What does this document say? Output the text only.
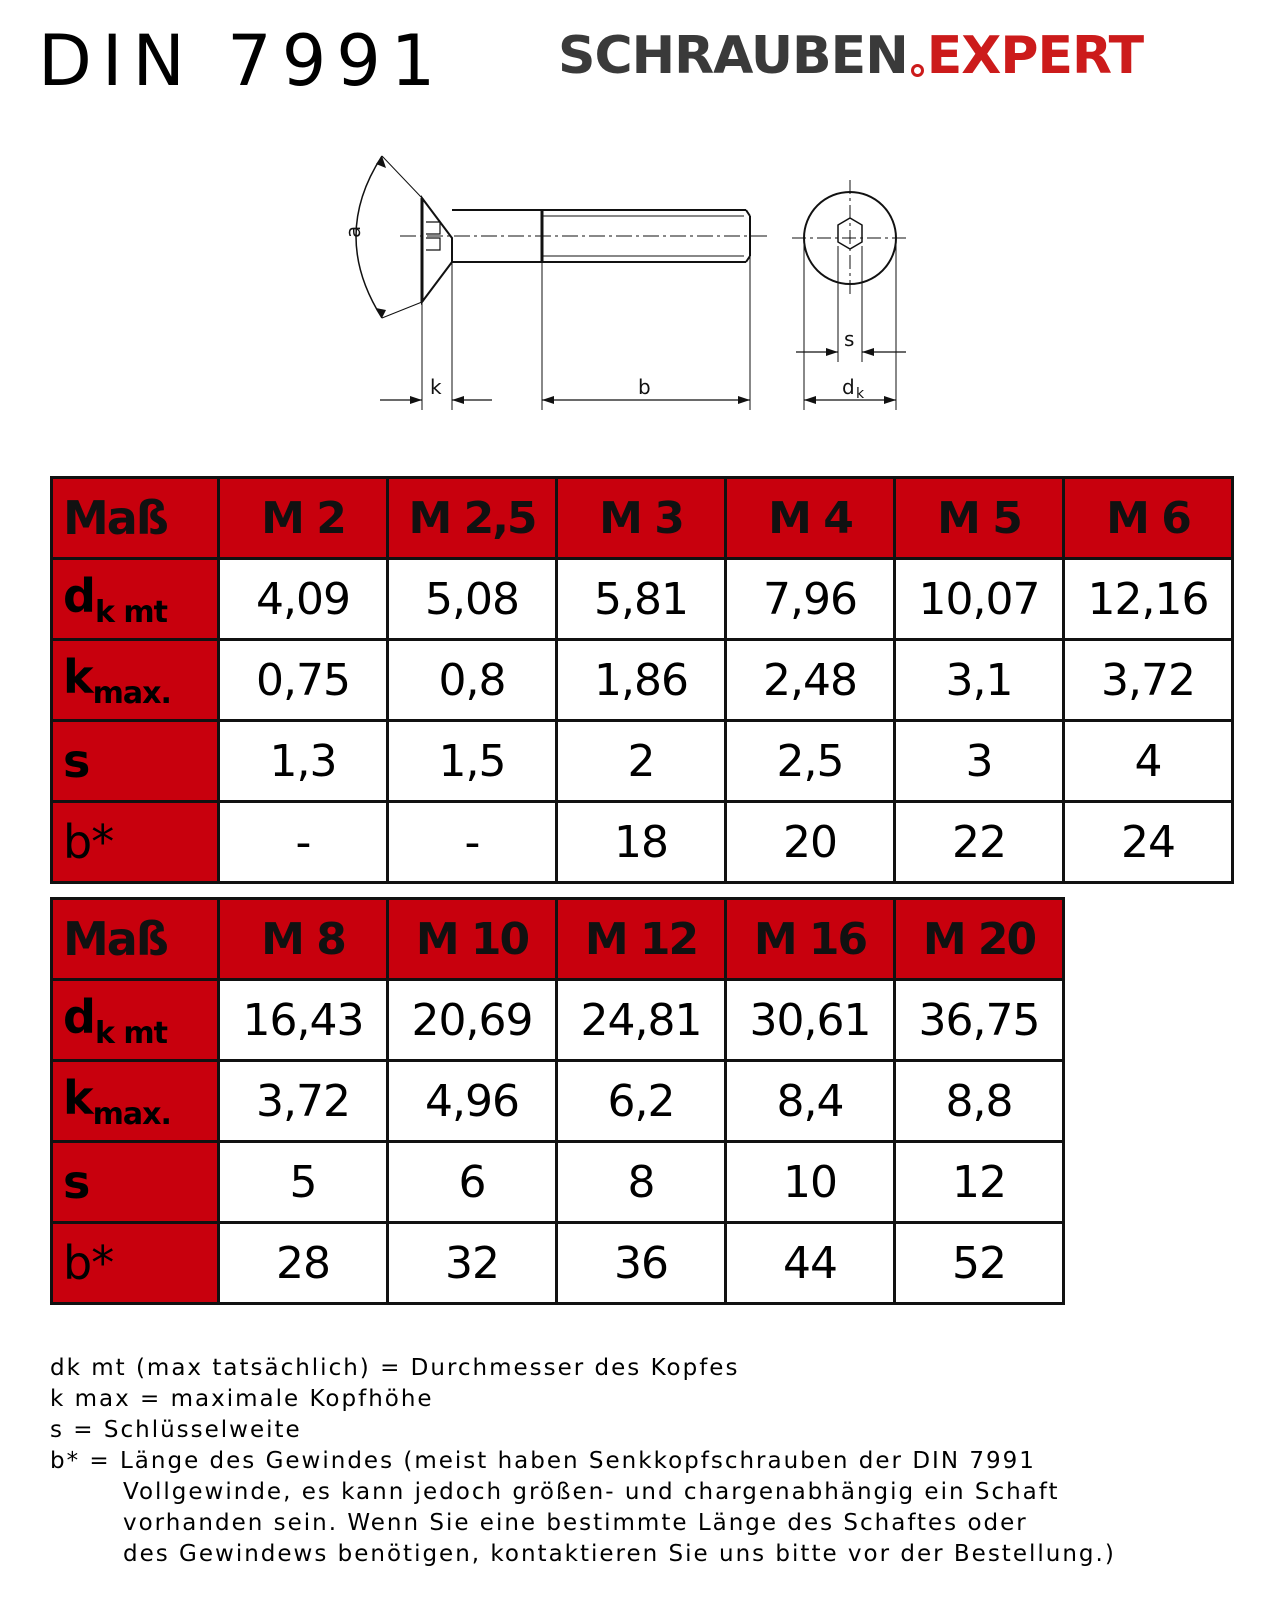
DIN 7991 SCHRAUBEN EXPERT
a
k	b
s
d k
Maß	M 2	M 2,5	M 3	M 4	M 5	M 6
$d_{k mt}$	4,09	5,08	5,81	7,96	10,07	12,16
$k_{max.}$	0,75	0,8	1,86	2,48	3,1	3,72
s	1,3	1,5	2	2,5	3	4
b*	-	-	18	20	22	24
Maß	M 8	M 10	M 12	M 16	M 20
$d_{k mt}$	16,43	20,69	24,81	30,61	36,75
$k_{max.}$	3,72	4,96	6,2	8,4	8,8
s	5	6	8	10	12
b*	28	32	36	44	52

dk mt (max tatsächlich) = Durchmesser des Kopfes

k max = maximale Kopfhöhe

s = Schlüsselweite

b* = Länge des Gewindes (meist haben Senkkopfschrauben der DIN 7991

Vollgewinde, es kann jedoch größen- und chargenabhängig ein Schaft

vorhanden sein. Wenn Sie eine bestimmte Länge des Schaftes oder

des Gewindews benötigen, kontaktieren Sie uns bitte vor der Bestellung.)
